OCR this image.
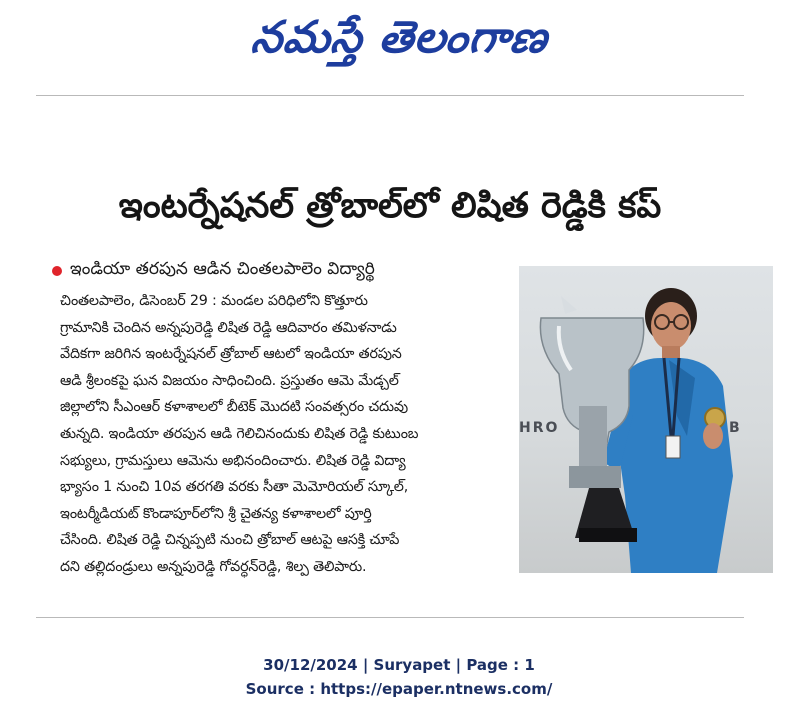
నమస్తే తెలంగాణ
ఇంటర్నేషనల్ త్రోబాల్‌లో లిషిత రెడ్డికి కప్
ఇండియా తరపున ఆడిన చింతలపాలెం విద్యార్థి
చింతలపాలెం, డిసెంబర్ 29 : మండల పరిధిలోని కొత్తూరు
గ్రామానికి చెందిన అన్నపురెడ్డి లిషిత రెడ్డి ఆదివారం తమిళనాడు
వేదికగా జరిగిన ఇంటర్నేషనల్ త్రోబాల్ ఆటలో ఇండియా తరపున
ఆడి శ్రీలంకపై ఘన విజయం సాధించింది. ప్రస్తుతం ఆమె మేడ్చల్
జిల్లాలోని సీఎంఆర్ కళాశాలలో బీటెక్ మొదటి సంవత్సరం చదువు
తున్నది. ఇండియా తరపున ఆడి గెలిచినందుకు లిషిత రెడ్డి కుటుంబ
సభ్యులు, గ్రామస్తులు ఆమెను అభినందించారు. లిషిత రెడ్డి విద్యా
భ్యాసం 1 నుంచి 10వ తరగతి వరకు సీతా మెమోరియల్ స్కూల్,
ఇంటర్మీడియట్ కొండాపూర్‌లోని శ్రీ చైతన్య కళాశాలలో పూర్తి
చేసింది. లిషిత రెడ్డి చిన్నప్పటి నుంచి త్రోబాల్ ఆటపై ఆసక్తి చూపే
దని తల్లిదండ్రులు అన్నపురెడ్డి గోవర్ధన్‌రెడ్డి, శిల్ప తెలిపారు.
HRO	B
30/12/2024 | Suryapet | Page : 1
Source : https://epaper.ntnews.com/
